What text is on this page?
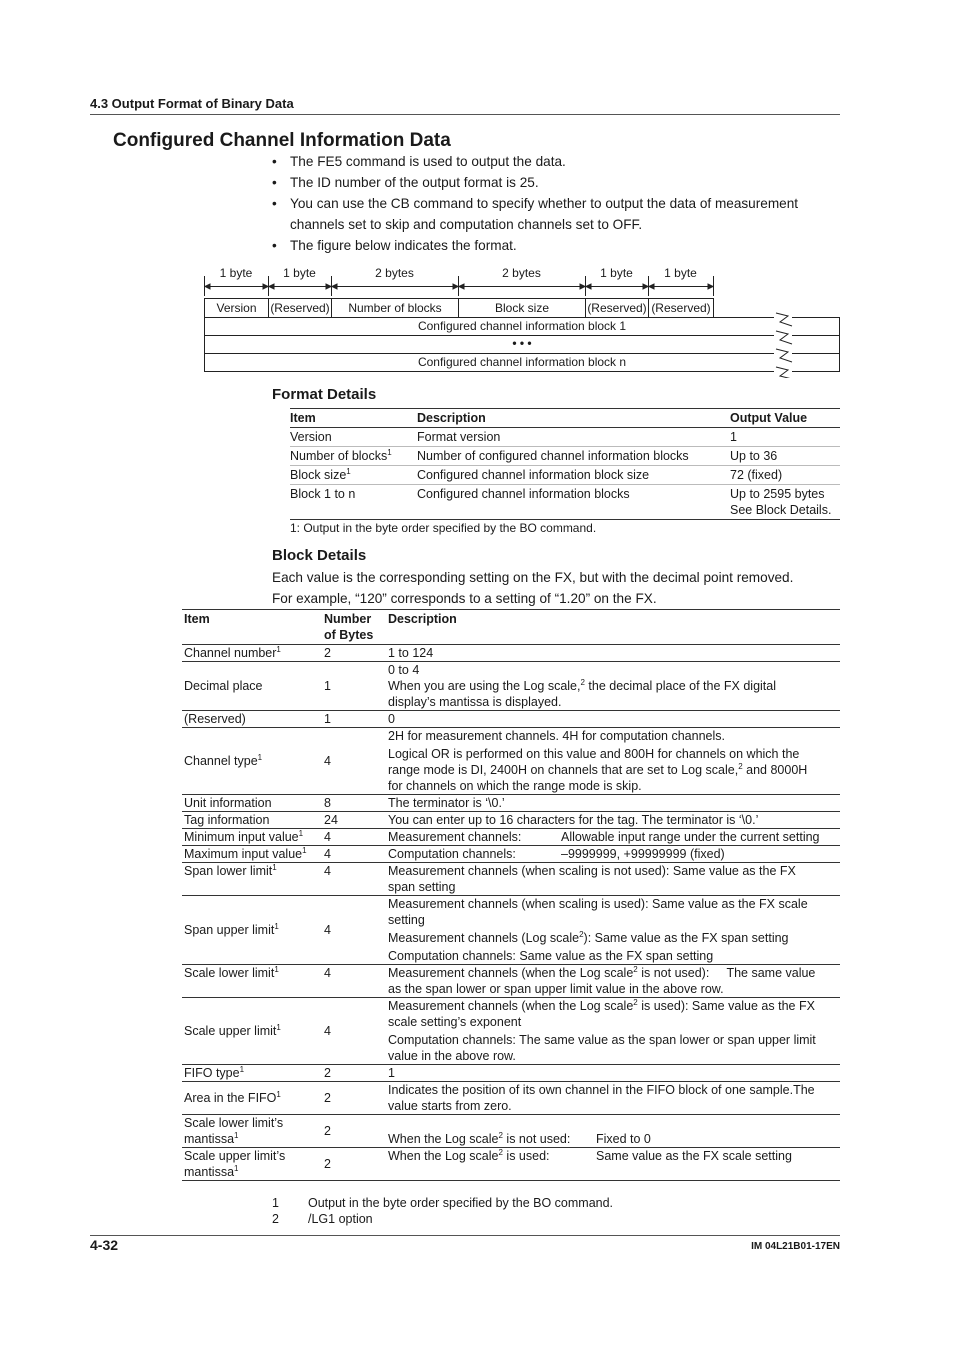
4.3 Output Format of Binary Data
Configured Channel Information Data
• The FE5 command is used to output the data.
• The ID number of the output format is 25.
• You can use the CB command to specify whether to output the data of measurement channels set to skip and computation channels set to OFF.
• The figure below indicates the format.
1 byte	1 byte	2 bytes	2 bytes	1 byte	1 byte
Version	(Reserved)	Number of blocks	Block size	(Reserved) (Reserved)
Configured channel information block 1
• • •
Configured channel information block n
Format Details
Item	Description	Output Value
Version	Format version	1
Number of blocks$^1$	Number of configured channel information blocks	Up to 36
Block size$^1$	Configured channel information block size	72 (fixed)
Block 1 to n	Configured channel information blocks	Up to 2595 bytes
See Block Details.
1: Output in the byte order specified by the BO command.
Block Details
Each value is the corresponding setting on the FX, but with the decimal point removed.
For example, “120” corresponds to a setting of “1.20” on the FX.
Item	Number
of Bytes	Description
Channel number$^1$	2	1 to 124
Decimal place	1	0 to 4
When you are using the Log scale,$^2$ the decimal place of the FX digital
display’s mantissa is displayed.

(Reserved)	1	0
Channel type$^1$	4	2H for measurement channels. 4H for computation channels.
Logical OR is performed on this value and 800H for channels on which the
range mode is DI, 2400H on channels that are set to Log scale,$^2$ and 8000H
for channels on which the range mode is skip.

Unit information	8	The terminator is ‘\0.’
Tag information	24	You can enter up to 16 characters for the tag. The terminator is ‘\0.’
Minimum input value$^1$	4	Measurement channels: Allowable input range under the current setting
Maximum input value$^1$	4	Computation channels: –9999999, +99999999 (fixed)
Span lower limit$^1$	4	Measurement channels (when scaling is not used): Same value as the FX
span setting

Span upper limit$^1$	4	Measurement channels (when scaling is used): Same value as the FX scale
setting
Measurement channels (Log scale$^2$): Same value as the FX span setting
Computation channels: Same value as the FX span setting

Scale lower limit$^1$	4	Measurement channels (when the Log scale$^2$ is not used):     The same value
as the span lower or span upper limit value in the above row.

Scale upper limit$^1$	4	Measurement channels (when the Log scale$^2$ is used): Same value as the FX
scale setting’s exponent
Computation channels: The same value as the span lower or span upper limit
value in the above row.

FIFO type$^1$	2	1
Area in the FIFO$^1$	2	Indicates the position of its own channel in the FIFO block of one sample.The
value starts from zero.

Scale lower limit’s
mantissa$^1$	2	When the Log scale$^2$ is not used: Fixed to 0

Scale upper limit’s
mantissa$^1$	2	When the Log scale$^2$ is used: Same value as the FX scale setting
1 Output in the byte order specified by the BO command.
2 /LG1 option
4-32	IM 04L21B01-17EN
